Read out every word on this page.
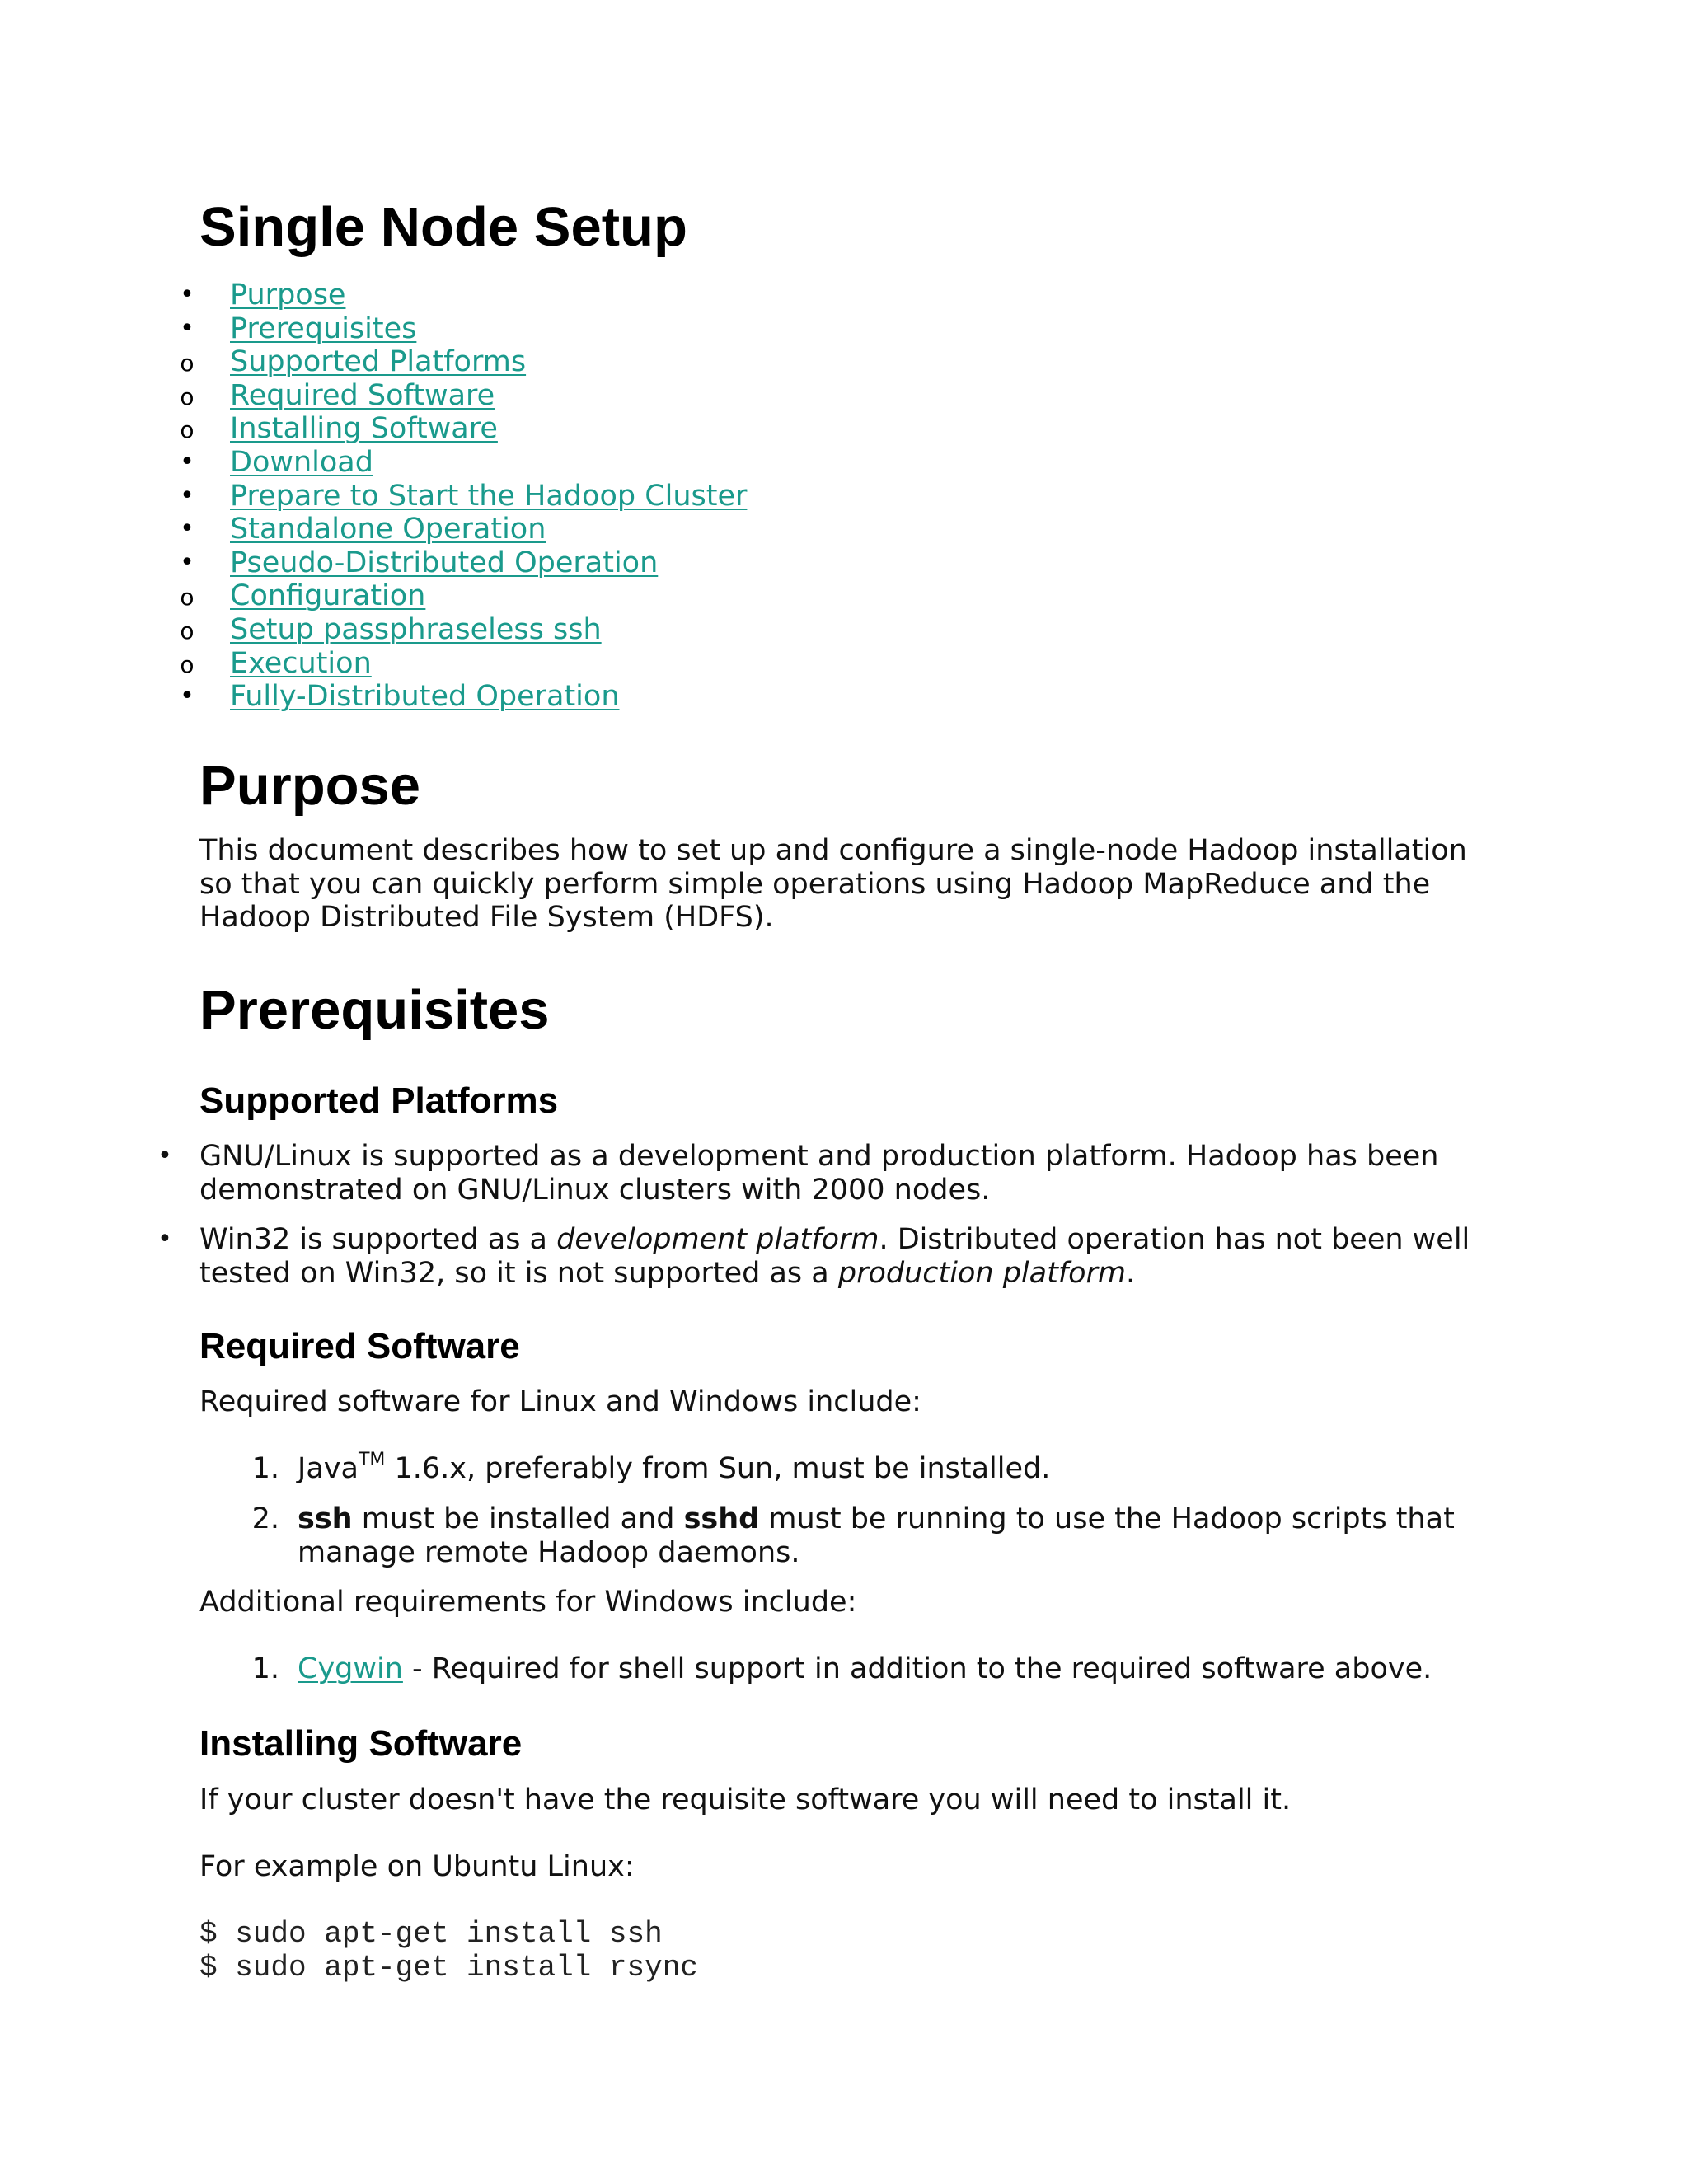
Single Node Setup
•	Purpose
•	Prerequisites
o	Supported Platforms
o	Required Software
o	Installing Software
•	Download
•	Prepare to Start the Hadoop Cluster
•	Standalone Operation
•	Pseudo-Distributed Operation
o	Configuration
o	Setup passphraseless ssh
o	Execution
•	Fully-Distributed Operation
Purpose

This document describes how to set up and configure a single-node Hadoop installation so that you can quickly perform simple operations using Hadoop MapReduce and the Hadoop Distributed File System (HDFS).

Prerequisites
Supported Platforms
• GNU/Linux is supported as a development and production platform. Hadoop has been demonstrated on GNU/Linux clusters with 2000 nodes.
• Win32 is supported as a development platform. Distributed operation has not been well tested on Win32, so it is not supported as a production platform.
Required Software

Required software for Linux and Windows include:

1. Java™ 1.6.x, preferably from Sun, must be installed.
2. ssh must be installed and sshd must be running to use the Hadoop scripts that manage remote Hadoop daemons.

Additional requirements for Windows include:

1. Cygwin - Required for shell support in addition to the required software above.
Installing Software

If your cluster doesn't have the requisite software you will need to install it.

For example on Ubuntu Linux:

$ sudo apt-get install ssh
$ sudo apt-get install rsync
